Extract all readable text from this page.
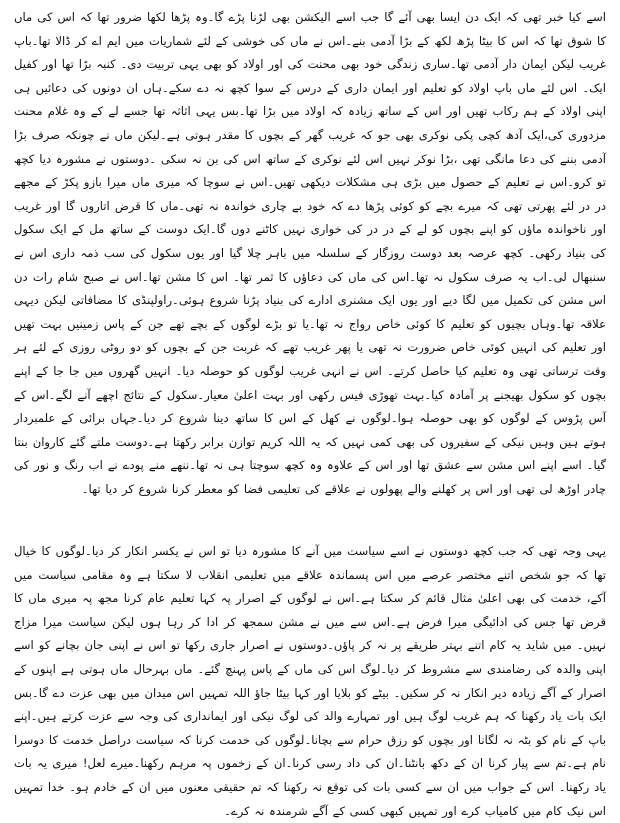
اسے کیا خبر تھی کہ ایک دن ایسا بھی آئے گا جب اسے الیکشن بھی لڑنا پڑے گا۔وہ پڑھا لکھا ضرور تھا کہ اس کی ماں کا شوق تھا کہ اس کا بیٹا پڑھ لکھ کے بڑا آدمی بنے۔اس نے ماں کی خوشی کے لئے شماریات میں ایم اے کر ڈالا تھا۔باپ غریب لیکن ایمان دار آدمی تھا۔ساری زندگی خود بھی محنت کی اور اولاد کو بھی یہی تربیت دی۔ کنبہ بڑا تھا اور کفیل ایک۔ اس لئے ماں باپ اولاد کو تعلیم اور ایمان داری کے درس کے سوا کچھ نہ دے سکے۔ہاں ان دونوں کی دعائیں ہی اپنی اولاد کے ہم رکاب تھیں اور اس کے ساتھ زیادہ کہ اولاد میں بڑا تھا۔بس یہی اثاثہ تھا جسے لے کے وہ غلام محنت مزدوری کی،ایک آدھ کچی پکی نوکری بھی جو کہ غریب گھر کے بچوں کا مقدر ہوتی ہے۔لیکن ماں نے چونکہ صرف بڑا آدمی بننے کی دعا مانگی تھی ،بڑا نوکر نہیں اس لئے نوکری کے ساتھ اس کی بن نہ سکی ۔دوستوں نے مشورہ دیا کچھ تو کرو۔اس نے تعلیم کے حصول میں بڑی ہی مشکلات دیکھی تھیں۔اس نے سوچا کہ میری ماں میرا بازو پکڑ کے مجھے در در لئے پھرتی تھی کہ میرے بچے کو کوئی پڑھا دے کہ خود بے چاری خواندہ نہ تھی۔ماں کا قرض اتاروں گا اور غریب اور ناخواندہ ماؤں کو اپنے بچوں کو لے کے در در کی خواری نہیں کاٹنے دوں گا۔ایک دوست کے ساتھ مل کے ایک سکول کی بنیاد رکھی۔ کچھ عرصہ بعد دوست روزگار کے سلسلہ میں باہر چلا گیا اور یوں سکول کی سب ذمہ داری اس نے سنبھال لی۔اب یہ صرف سکول نہ تھا۔اس کی ماں کی دعاؤں کا ثمر تھا۔ اس کا مشن تھا۔اس نے صبح شام رات دن اس مشن کی تکمیل میں لگا دیے اور یوں ایک مشنری ادارے کی بنیاد پڑنا شروع ہوئی۔راولپنڈی کا مضافاتی لیکن دیہی علاقہ تھا۔وہاں بچیوں کو تعلیم کا کوئی خاص رواج نہ تھا۔یا تو بڑے لوگوں کے بچے تھے جن کے پاس زمینیں بہت تھیں اور تعلیم کی انہیں کوئی خاص ضرورت نہ تھی یا پھر غریب تھے کہ غربت جن کے بچوں کو دو روٹی روزی کے لئے ہر وقت ترساتی تھی وہ تعلیم کیا حاصل کرتے۔ اس نے انہی غریب لوگوں کو حوصلہ دیا۔ انہیں گھروں میں جا جا کے اپنے بچوں کو سکول بھیجنے پر آمادہ کیا۔بہت تھوڑی فیس رکھی اور بہت اعلیٰ معیار۔سکول کے نتائج اچھے آنے لگے۔اس کے آس پڑوس کے لوگوں کو بھی حوصلہ ہوا۔لوگوں نے کھل کے اس کا ساتھ دینا شروع کر دیا۔جہاں برائی کے علمبردار ہوتے ہیں وہیں نیکی کے سفیروں کی بھی کمی نہیں کہ یہ اللہ کریم توازن برابر رکھتا ہے۔دوست ملتے گئے کاروان بنتا گیا۔ اسے اپنے اس مشن سے عشق تھا اور اس کے علاوہ وہ کچھ سوچتا ہی نہ تھا۔ننھے منے پودے نے اب رنگ و نور کی چادر اوڑھ لی تھی اور اس پر کھلنے والے پھولوں نے علاقے کی تعلیمی فضا کو معطر کرنا شروع کر دیا تھا۔

یہی وجہ تھی کہ جب کچھ دوستوں نے اسے سیاست میں آنے کا مشورہ دیا تو اس نے یکسر انکار کر دیا۔لوگوں کا خیال تھا کہ جو شخص اتنے مختصر عرصے میں اس پسماندہ علاقے میں تعلیمی انقلاب لا سکتا ہے وہ مقامی سیاست میں آکے، خدمت کی بھی اعلیٰ مثال قائم کر سکتا ہے۔اس نے لوگوں کے اصرار پہ کہا تعلیم عام کرنا مجھ پہ میری ماں کا قرض تھا جس کی ادائیگی میرا فرض ہے۔اس سے میں نے مشن سمجھ کر ادا کر رہا ہوں لیکن سیاست میرا مزاج نہیں۔ میں شاید یہ کام اتنے بہتر طریقے پر نہ کر پاؤں۔دوستوں نے اصرار جاری رکھا تو اس نے اپنی جان بچانے کو اسے اپنی والدہ کی رضامندی سے مشروط کر دیا۔لوگ اس کی ماں کے پاس پہنچ گئے۔ ماں بہرحال ماں ہوتی ہے اپنوں کے اصرار کے آگے زیادہ دیر انکار نہ کر سکیں۔ بیٹے کو بلایا اور کہا بیٹا جاؤ اللہ تمہیں اس میدان میں بھی عزت دے گا۔بس ایک بات یاد رکھنا کہ ہم غریب لوگ ہیں اور تمہارے والد کی لوگ نیکی اور ایمانداری کی وجہ سے عزت کرتے ہیں۔اپنے باپ کے نام کو بٹہ نہ لگانا اور بچوں کو رزق حرام سے بچانا۔لوگوں کی خدمت کرنا کہ سیاست دراصل خدمت کا دوسرا نام ہے۔تم سے پیار کرنا ان کے دکھ بانٹنا۔ان کی داد رسی کرنا۔ان کے زخموں پہ مرہم رکھنا۔میرے لعل! میری یہ بات یاد رکھنا۔ اس کے جواب میں ان سے کسی بات کی توقع نہ رکھنا کہ تم حقیقی معنوں میں ان کے خادم ہو۔ خدا تمہیں اس نیک کام میں کامیاب کرے اور تمہیں کبھی کسی کے آگے شرمندہ نہ کرے۔
